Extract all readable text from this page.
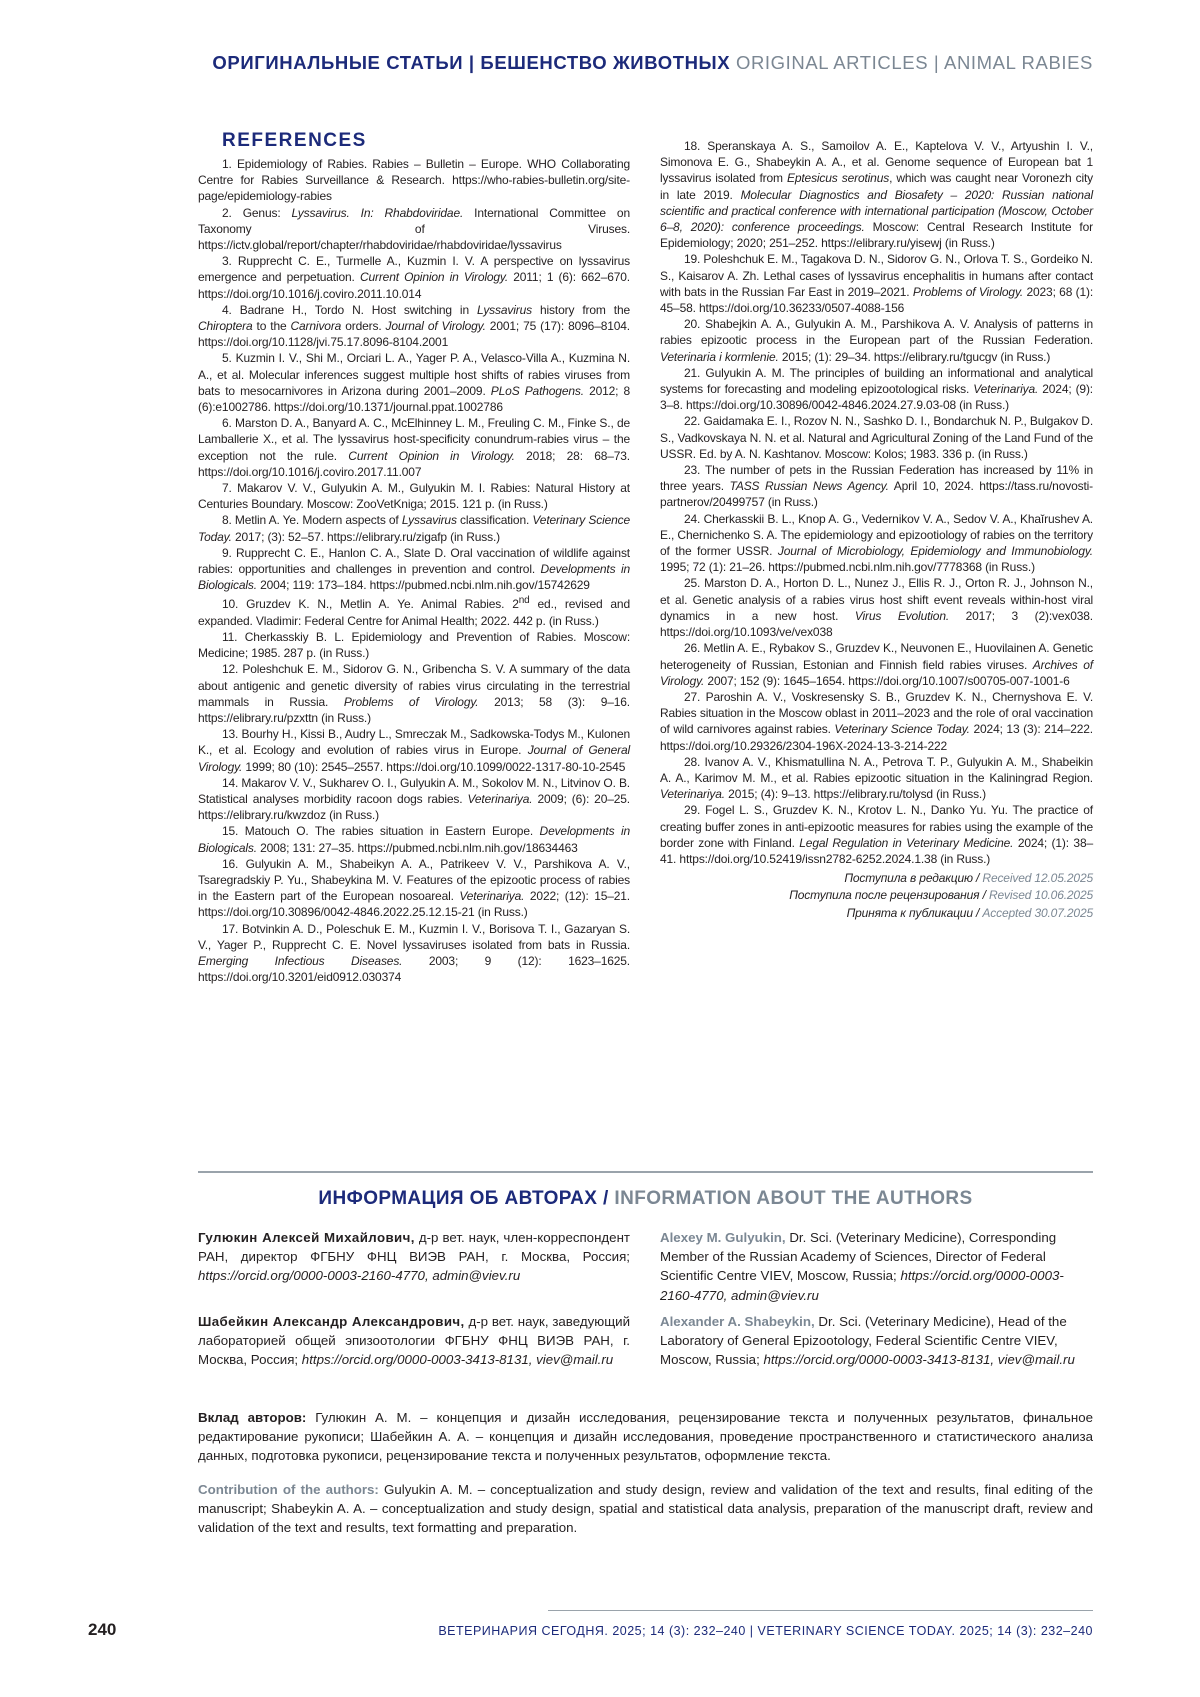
ОРИГИНАЛЬНЫЕ СТАТЬИ | БЕШЕНСТВО ЖИВОТНЫХ ORIGINAL ARTICLES | ANIMAL RABIES
REFERENCES
1. Epidemiology of Rabies. Rabies – Bulletin – Europe. WHO Collaborating Centre for Rabies Surveillance & Research. https://who-rabies-bulletin.org/site-page/epidemiology-rabies
2. Genus: Lyssavirus. In: Rhabdoviridae. International Committee on Taxonomy of Viruses. https://ictv.global/report/chapter/rhabdoviridae/rhabdoviridae/lyssavirus
3. Rupprecht C. E., Turmelle A., Kuzmin I. V. A perspective on lyssavirus emergence and perpetuation. Current Opinion in Virology. 2011; 1 (6): 662–670. https://doi.org/10.1016/j.coviro.2011.10.014
4. Badrane H., Tordo N. Host switching in Lyssavirus history from the Chiroptera to the Carnivora orders. Journal of Virology. 2001; 75 (17): 8096–8104. https://doi.org/10.1128/jvi.75.17.8096-8104.2001
5. Kuzmin I. V., Shi M., Orciari L. A., Yager P. A., Velasco-Villa A., Kuzmina N. A., et al. Molecular inferences suggest multiple host shifts of rabies viruses from bats to mesocarnivores in Arizona during 2001–2009. PLoS Pathogens. 2012; 8 (6):e1002786. https://doi.org/10.1371/journal.ppat.1002786
6. Marston D. A., Banyard A. C., McElhinney L. M., Freuling C. M., Finke S., de Lamballerie X., et al. The lyssavirus host-specificity conundrum-rabies virus – the exception not the rule. Current Opinion in Virology. 2018; 28: 68–73. https://doi.org/10.1016/j.coviro.2017.11.007
7. Makarov V. V., Gulyukin A. M., Gulyukin M. I. Rabies: Natural History at Centuries Boundary. Moscow: ZooVetKniga; 2015. 121 p. (in Russ.)
8. Metlin A. Ye. Modern aspects of Lyssavirus classification. Veterinary Science Today. 2017; (3): 52–57. https://elibrary.ru/zigafp (in Russ.)
9. Rupprecht C. E., Hanlon C. A., Slate D. Oral vaccination of wildlife against rabies: opportunities and challenges in prevention and control. Developments in Biologicals. 2004; 119: 173–184. https://pubmed.ncbi.nlm.nih.gov/15742629
10. Gruzdev K. N., Metlin A. Ye. Animal Rabies. 2nd ed., revised and expanded. Vladimir: Federal Centre for Animal Health; 2022. 442 p. (in Russ.)
11. Cherkasskiy B. L. Epidemiology and Prevention of Rabies. Moscow: Medicine; 1985. 287 p. (in Russ.)
12. Poleshchuk E. M., Sidorov G. N., Gribencha S. V. A summary of the data about antigenic and genetic diversity of rabies virus circulating in the terrestrial mammals in Russia. Problems of Virology. 2013; 58 (3): 9–16. https://elibrary.ru/pzxttn (in Russ.)
13. Bourhy H., Kissi B., Audry L., Smreczak M., Sadkowska-Todys M., Kulonen K., et al. Ecology and evolution of rabies virus in Europe. Journal of General Virology. 1999; 80 (10): 2545–2557. https://doi.org/10.1099/0022-1317-80-10-2545
14. Makarov V. V., Sukharev O. I., Gulyukin A. M., Sokolov M. N., Litvinov O. B. Statistical analyses morbidity racoon dogs rabies. Veterinariya. 2009; (6): 20–25. https://elibrary.ru/kwzdoz (in Russ.)
15. Matouch O. The rabies situation in Eastern Europe. Developments in Biologicals. 2008; 131: 27–35. https://pubmed.ncbi.nlm.nih.gov/18634463
16. Gulyukin A. M., Shabeikyn A. A., Patrikeev V. V., Parshikova A. V., Tsaregradskiy P. Yu., Shabeykina M. V. Features of the epizootic process of rabies in the Eastern part of the European nosoareal. Veterinariya. 2022; (12): 15–21. https://doi.org/10.30896/0042-4846.2022.25.12.15-21 (in Russ.)
17. Botvinkin A. D., Poleschuk E. M., Kuzmin I. V., Borisova T. I., Gazaryan S. V., Yager P., Rupprecht C. E. Novel lyssaviruses isolated from bats in Russia. Emerging Infectious Diseases. 2003; 9 (12): 1623–1625. https://doi.org/10.3201/eid0912.030374
18. Speranskaya A. S., Samoilov A. E., Kaptelova V. V., Artyushin I. V., Simonova E. G., Shabeykin A. A., et al. Genome sequence of European bat 1 lyssavirus isolated from Eptesicus serotinus, which was caught near Voronezh city in late 2019. Molecular Diagnostics and Biosafety – 2020: Russian national scientific and practical conference with international participation (Moscow, October 6–8, 2020): conference proceedings. Moscow: Central Research Institute for Epidemiology; 2020; 251–252. https://elibrary.ru/yisewj (in Russ.)
19. Poleshchuk E. M., Tagakova D. N., Sidorov G. N., Orlova T. S., Gordeiko N. S., Kaisarov A. Zh. Lethal cases of lyssavirus encephalitis in humans after contact with bats in the Russian Far East in 2019–2021. Problems of Virology. 2023; 68 (1): 45–58. https://doi.org/10.36233/0507-4088-156
20. Shabejkin A. A., Gulyukin A. M., Parshikova A. V. Analysis of patterns in rabies epizootic process in the European part of the Russian Federation. Veterinaria i kormlenie. 2015; (1): 29–34. https://elibrary.ru/tgucgv (in Russ.)
21. Gulyukin A. M. The principles of building an informational and analytical systems for forecasting and modeling epizootological risks. Veterinariya. 2024; (9): 3–8. https://doi.org/10.30896/0042-4846.2024.27.9.03-08 (in Russ.)
22. Gaidamaka E. I., Rozov N. N., Sashko D. I., Bondarchuk N. P., Bulgakov D. S., Vadkovskaya N. N. et al. Natural and Agricultural Zoning of the Land Fund of the USSR. Ed. by A. N. Kashtanov. Moscow: Kolos; 1983. 336 p. (in Russ.)
23. The number of pets in the Russian Federation has increased by 11% in three years. TASS Russian News Agency. April 10, 2024. https://tass.ru/novosti-partnerov/20499757 (in Russ.)
24. Cherkasskii B. L., Knop A. G., Vedernikov V. A., Sedov V. A., Khaĭrushev A. E., Chernichenko S. A. The epidemiology and epizootiology of rabies on the territory of the former USSR. Journal of Microbiology, Epidemiology and Immunobiology. 1995; 72 (1): 21–26. https://pubmed.ncbi.nlm.nih.gov/7778368 (in Russ.)
25. Marston D. A., Horton D. L., Nunez J., Ellis R. J., Orton R. J., Johnson N., et al. Genetic analysis of a rabies virus host shift event reveals within-host viral dynamics in a new host. Virus Evolution. 2017; 3 (2):vex038. https://doi.org/10.1093/ve/vex038
26. Metlin A. E., Rybakov S., Gruzdev K., Neuvonen E., Huovilainen A. Genetic heterogeneity of Russian, Estonian and Finnish field rabies viruses. Archives of Virology. 2007; 152 (9): 1645–1654. https://doi.org/10.1007/s00705-007-1001-6
27. Paroshin A. V., Voskresensky S. B., Gruzdev K. N., Chernyshova E. V. Rabies situation in the Moscow oblast in 2011–2023 and the role of oral vaccination of wild carnivores against rabies. Veterinary Science Today. 2024; 13 (3): 214–222. https://doi.org/10.29326/2304-196X-2024-13-3-214-222
28. Ivanov A. V., Khismatullina N. A., Petrova T. P., Gulyukin A. M., Shabeikin A. A., Karimov M. M., et al. Rabies epizootic situation in the Kaliningrad Region. Veterinariya. 2015; (4): 9–13. https://elibrary.ru/tolysd (in Russ.)
29. Fogel L. S., Gruzdev K. N., Krotov L. N., Danko Yu. Yu. The practice of creating buffer zones in anti-epizootic measures for rabies using the example of the border zone with Finland. Legal Regulation in Veterinary Medicine. 2024; (1): 38–41. https://doi.org/10.52419/issn2782-6252.2024.1.38 (in Russ.)
Поступила в редакцию / Received 12.05.2025
Поступила после рецензирования / Revised 10.06.2025
Принята к публикации / Accepted 30.07.2025
ИНФОРМАЦИЯ ОБ АВТОРАХ / INFORMATION ABOUT THE AUTHORS
Гулюкин Алексей Михайлович, д-р вет. наук, член-корреспондент РАН, директор ФГБНУ ФНЦ ВИЭВ РАН, г. Москва, Россия; https://orcid.org/0000-0003-2160-4770, admin@viev.ru
Alexey M. Gulyukin, Dr. Sci. (Veterinary Medicine), Corresponding Member of the Russian Academy of Sciences, Director of Federal Scientific Centre VIEV, Moscow, Russia; https://orcid.org/0000-0003-2160-4770, admin@viev.ru
Шабейкин Александр Александрович, д-р вет. наук, заведующий лабораторией общей эпизоотологии ФГБНУ ФНЦ ВИЭВ РАН, г. Москва, Россия; https://orcid.org/0000-0003-3413-8131, viev@mail.ru
Alexander A. Shabeykin, Dr. Sci. (Veterinary Medicine), Head of the Laboratory of General Epizootology, Federal Scientific Centre VIEV, Moscow, Russia; https://orcid.org/0000-0003-3413-8131, viev@mail.ru
Вклад авторов: Гулюкин А. М. – концепция и дизайн исследования, рецензирование текста и полученных результатов, финальное редактирование рукописи; Шабейкин А. А. – концепция и дизайн исследования, проведение пространственного и статистического анализа данных, подготовка рукописи, рецензирование текста и полученных результатов, оформление текста.
Contribution of the authors: Gulyukin A. M. – conceptualization and study design, review and validation of the text and results, final editing of the manuscript; Shabeykin A. A. – conceptualization and study design, spatial and statistical data analysis, preparation of the manuscript draft, review and validation of the text and results, text formatting and preparation.
240	ВЕТЕРИНАРИЯ СЕГОДНЯ. 2025; 14 (3): 232–240 | VETERINARY SCIENCE TODAY. 2025; 14 (3): 232–240
